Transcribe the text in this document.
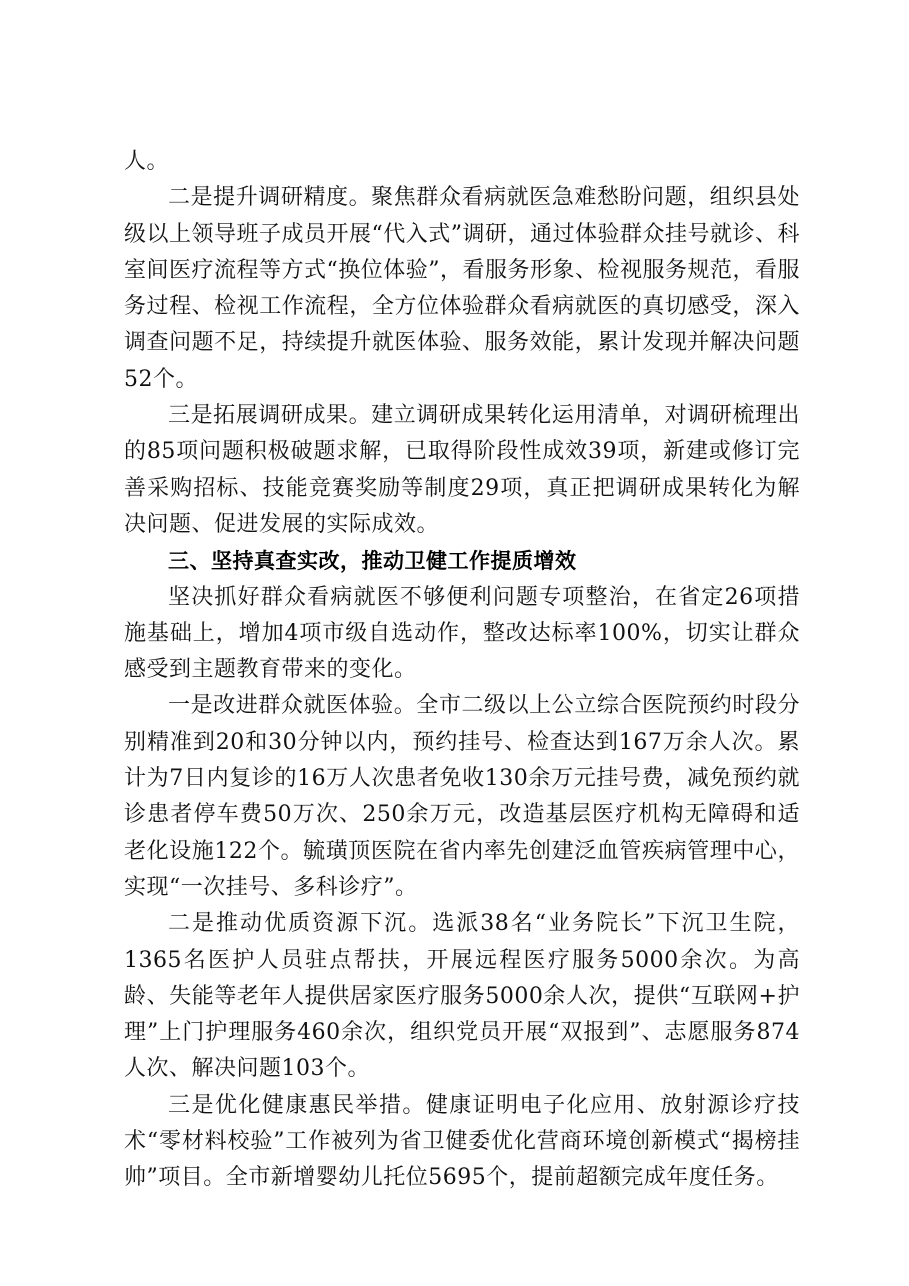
人。

二是提升调研精度。聚焦群众看病就医急难愁盼问题，组织县处级以上领导班子成员开展“代入式”调研，通过体验群众挂号就诊、科室间医疗流程等方式“换位体验”，看服务形象、检视服务规范，看服务过程、检视工作流程，全方位体验群众看病就医的真切感受，深入调查问题不足，持续提升就医体验、服务效能，累计发现并解决问题52个。

三是拓展调研成果。建立调研成果转化运用清单，对调研梳理出的85项问题积极破题求解，已取得阶段性成效39项，新建或修订完善采购招标、技能竞赛奖励等制度29项，真正把调研成果转化为解决问题、促进发展的实际成效。

三、坚持真查实改，推动卫健工作提质增效

坚决抓好群众看病就医不够便利问题专项整治，在省定26项措施基础上，增加4项市级自选动作，整改达标率100%，切实让群众感受到主题教育带来的变化。

一是改进群众就医体验。全市二级以上公立综合医院预约时段分别精准到20和30分钟以内，预约挂号、检查达到167万余人次。累计为7日内复诊的16万人次患者免收130余万元挂号费，减免预约就诊患者停车费50万次、250余万元，改造基层医疗机构无障碍和适老化设施122个。毓璜顶医院在省内率先创建泛血管疾病管理中心，实现“一次挂号、多科诊疗”。

二是推动优质资源下沉。选派38名“业务院长”下沉卫生院，1365名医护人员驻点帮扶，开展远程医疗服务5000余次。为高龄、失能等老年人提供居家医疗服务5000余人次，提供“互联网+护理”上门护理服务460余次，组织党员开展“双报到”、志愿服务874人次、解决问题103个。

三是优化健康惠民举措。健康证明电子化应用、放射源诊疗技术“零材料校验”工作被列为省卫健委优化营商环境创新模式“揭榜挂帅”项目。全市新增婴幼儿托位5695个，提前超额完成年度任务。
